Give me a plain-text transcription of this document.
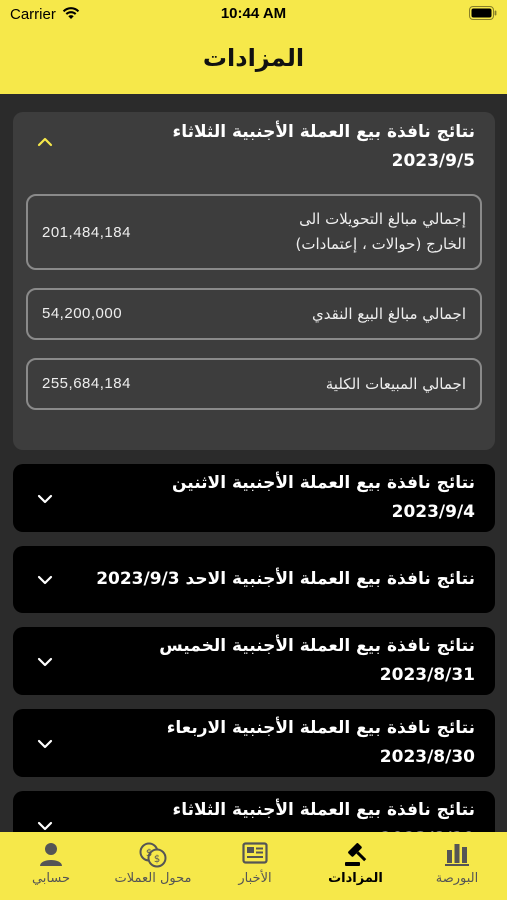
Carrier	10:44 AM
المزادات
نتائج نافذة بيع العملة الأجنبية الثلاثاء
2023/9/5
إجمالي مبالغ التحويلات الى
الخارج (حوالات ، إعتمادات)
201,484,184
اجمالي مبالغ البيع النقدي
54,200,000
اجمالي المبيعات الكلية
255,684,184
نتائج نافذة بيع العملة الأجنبية الاثنين
2023/9/4
نتائج نافذة بيع العملة الأجنبية الاحد 2023/9/3
نتائج نافذة بيع العملة الأجنبية الخميس
2023/8/31
نتائج نافذة بيع العملة الأجنبية الاربعاء
2023/8/30
نتائج نافذة بيع العملة الأجنبية الثلاثاء
البورصة
المزادات
الأخبار
$
$
محول العملات
حسابي
